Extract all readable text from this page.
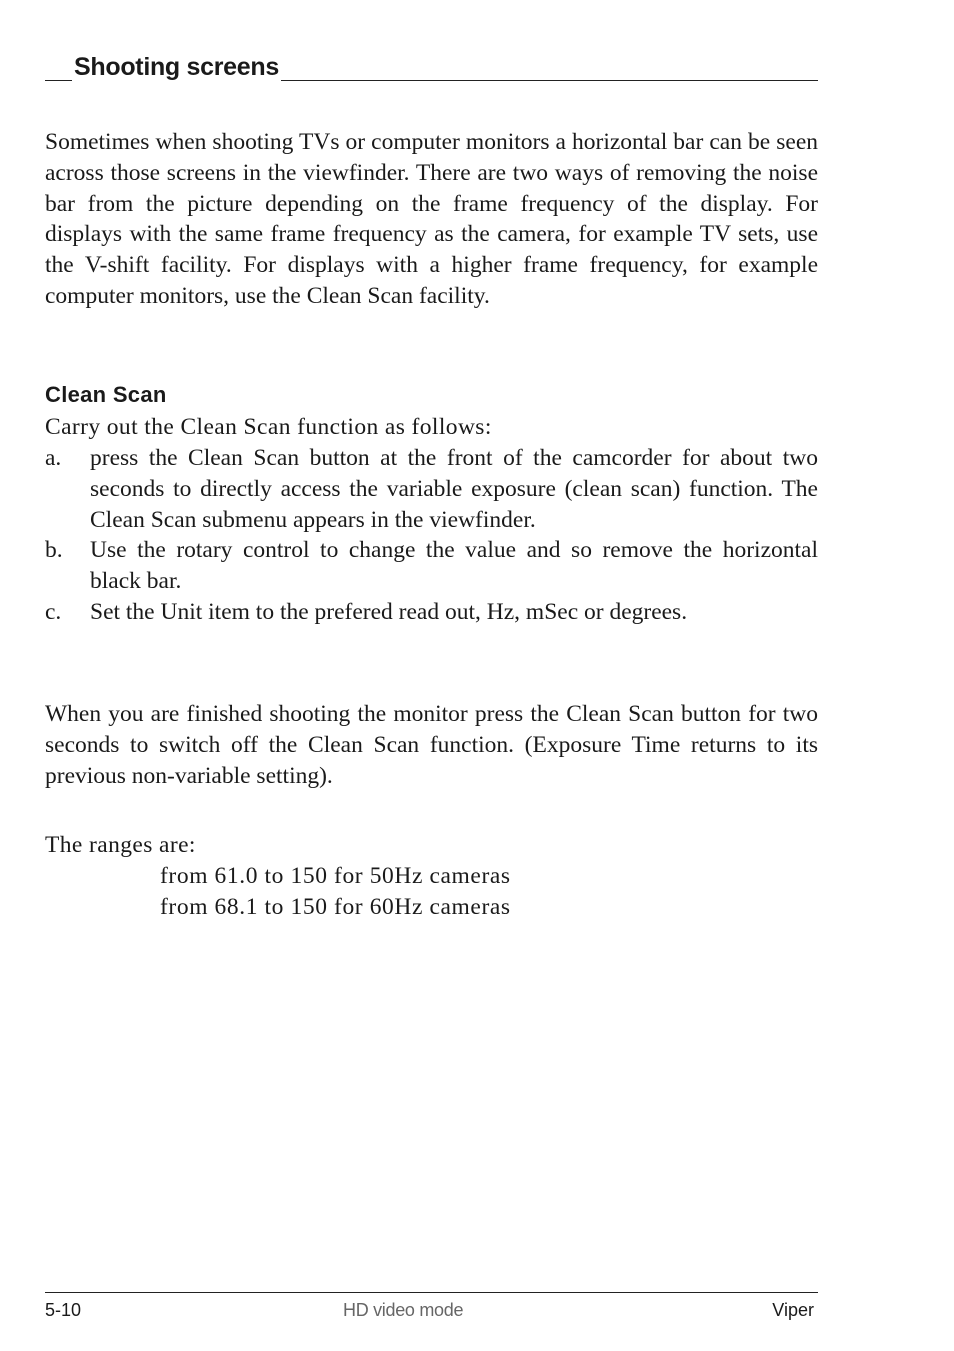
Shooting screens

Sometimes when shooting TVs or computer monitors a horizontal bar can be seen across those screens in the viewfinder. There are two ways of removing the noise bar from the picture depending on the frame frequency of the display. For displays with the same frame frequency as the camera, for example TV sets, use the V-shift facility. For displays with a higher frame frequency, for example computer monitors, use the Clean Scan facility.

Clean Scan

Carry out the Clean Scan function as follows:

a. press the Clean Scan button at the front of the camcorder for about two seconds to directly access the variable exposure (clean scan) function. The Clean Scan submenu appears in the viewfinder.
b. Use the rotary control to change the value and so remove the horizontal black bar.
c. Set the Unit item to the prefered read out, Hz, mSec or degrees.

When you are finished shooting the monitor press the Clean Scan button for two seconds to switch off the Clean Scan function. (Exposure Time returns to its previous non-variable setting).

The ranges are:

from 61.0 to 150 for 50Hz cameras

from 68.1 to 150 for 60Hz cameras

5-10	HD video mode	Viper
